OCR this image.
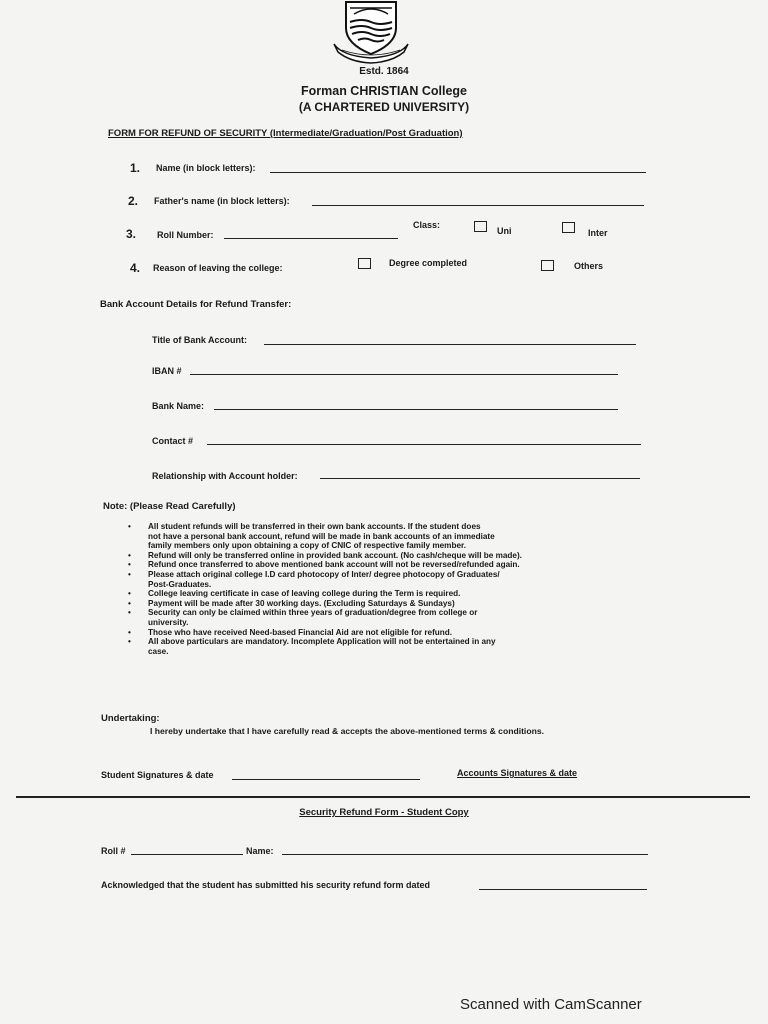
Estd. 1864
Forman CHRISTIAN College
(A CHARTERED UNIVERSITY)
FORM FOR REFUND OF SECURITY (Intermediate/Graduation/Post Graduation)
1. Name (in block letters):
2. Father's name (in block letters):
3. Roll Number:
Class:
Uni	Inter
4. Reason of leaving the college:	Degree completed	Others
Bank Account Details for Refund Transfer:
Title of Bank Account:
IBAN #
Bank Name:
Contact #
Relationship with Account holder:
Note: (Please Read Carefully)
• All student refunds will be transferred in their own bank accounts. If the student does
not have a personal bank account, refund will be made in bank accounts of an immediate
family members only upon obtaining a copy of CNIC of respective family member.
• Refund will only be transferred online in provided bank account. (No cash/cheque will be made).
• Refund once transferred to above mentioned bank account will not be reversed/refunded again.
• Please attach original college I.D card photocopy of Inter/ degree photocopy of Graduates/
Post-Graduates.
• College leaving certificate in case of leaving college during the Term is required.
• Payment will be made after 30 working days. (Excluding Saturdays & Sundays)
• Security can only be claimed within three years of graduation/degree from college or
university.
• Those who have received Need-based Financial Aid are not eligible for refund.
• All above particulars are mandatory. Incomplete Application will not be entertained in any
case.
Undertaking:
I hereby undertake that I have carefully read & accepts the above-mentioned terms & conditions.
Student Signatures & date	Accounts Signatures & date
Security Refund Form - Student Copy
Roll #	Name:
Acknowledged that the student has submitted his security refund form dated
Scanned with CamScanner
